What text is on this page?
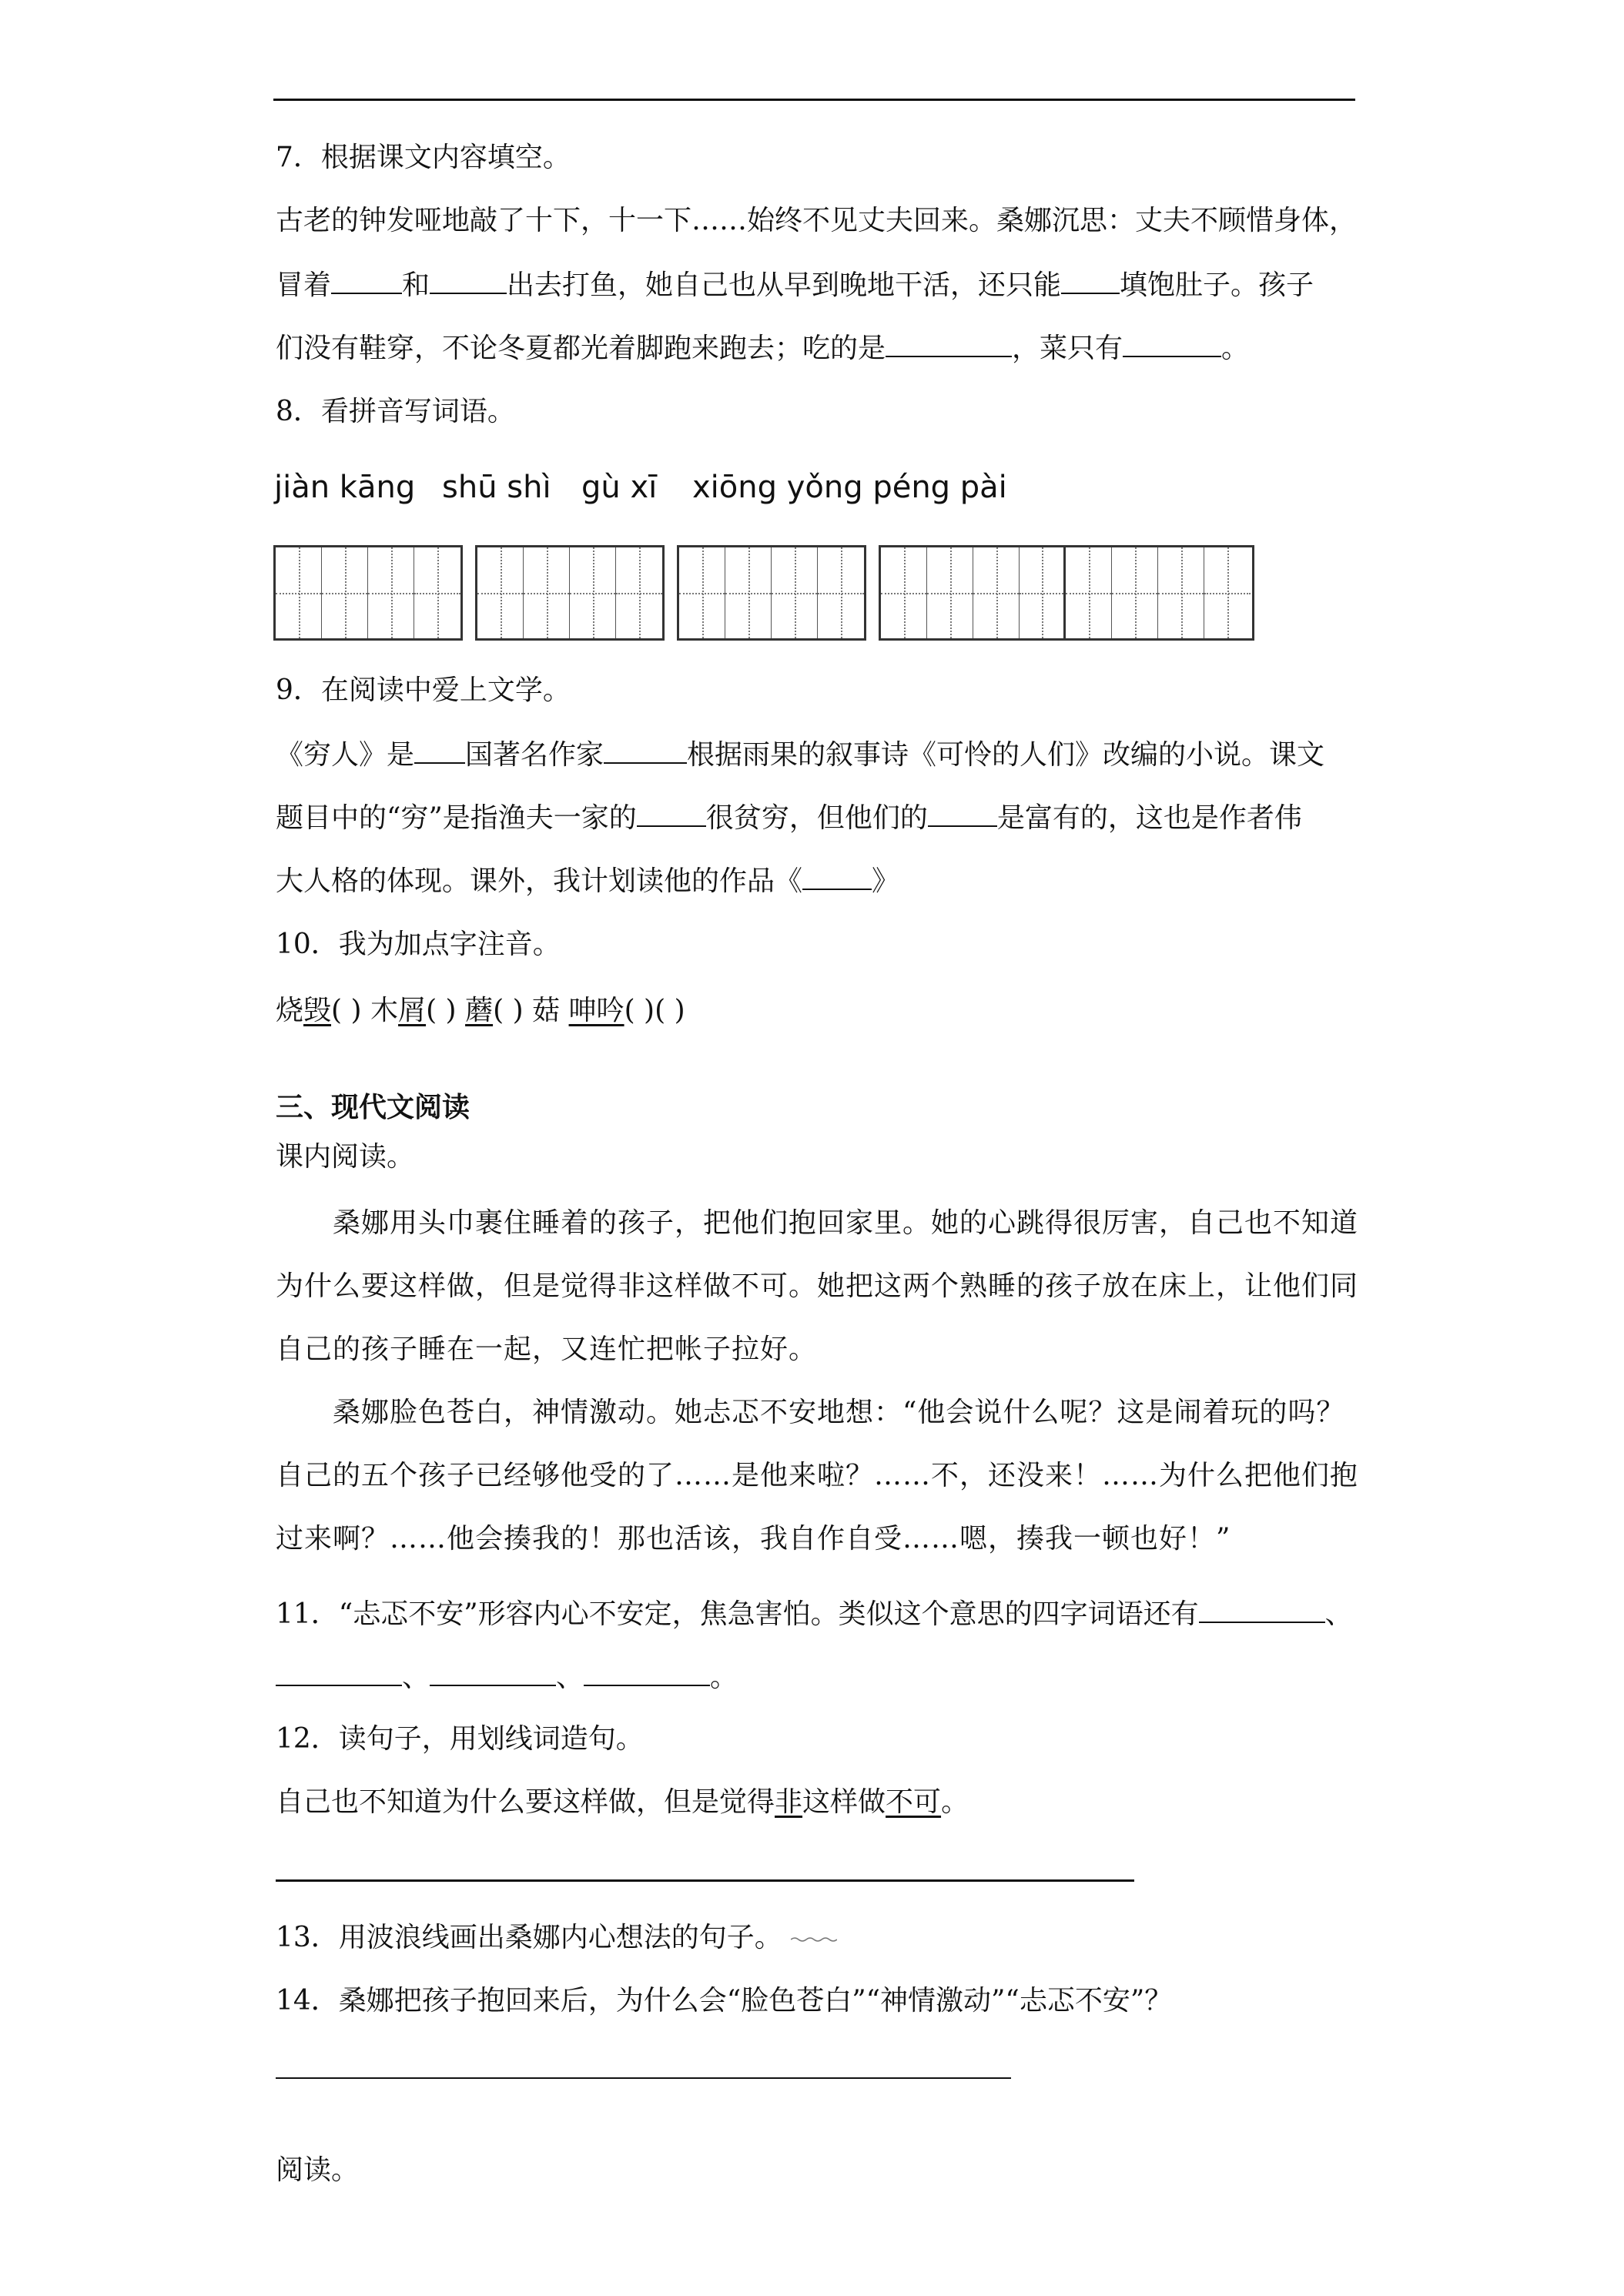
7．根据课文内容填空。
古老的钟发哑地敲了十下，十一下……始终不见丈夫回来。桑娜沉思：丈夫不顾惜身体，
冒着	和	出去打鱼，她自己也从早到晚地干活，还只能 填饱肚子。孩子
们没有鞋穿，不论冬夏都光着脚跑来跑去；吃的是	，菜只有	。
8．看拼音写词语。
jiàn kāng shū shì gù xī xiōng yǒng péng pài
9．在阅读中爱上文学。
《穷人》是 国著名作家	根据雨果的叙事诗《可怜的人们》改编的小说。课文
题目中的“穷”是指渔夫一家的	很贫穷，但他们的	是富有的，这也是作者伟
大人格的体现。课外，我计划读他的作品《	》
10．我为加点字注音。
烧毁( ) 木屑( ) 蘑( ) 菇 呻吟( )( )
三、现代文阅读
课内阅读。
桑娜用头巾裹住睡着的孩子，把他们抱回家里。她的心跳得很厉害，自己也不知道
为什么要这样做，但是觉得非这样做不可。她把这两个熟睡的孩子放在床上，让他们同
自己的孩子睡在一起，又连忙把帐子拉好。
桑娜脸色苍白，神情激动。她忐忑不安地想：“他会说什么呢？这是闹着玩的吗？
自己的五个孩子已经够他受的了……是他来啦？……不，还没来！……为什么把他们抱
过来啊？……他会揍我的！那也活该，我自作自受……嗯，揍我一顿也好！”
11．“忐忑不安”形容内心不安定，焦急害怕。类似这个意思的四字词语还有	、
、	、	。
12．读句子，用划线词造句。
自己也不知道为什么要这样做，但是觉得非这样做不可。
13．用波浪线画出桑娜内心想法的句子。
14．桑娜把孩子抱回来后，为什么会“脸色苍白”“神情激动”“忐忑不安”？
阅读。
